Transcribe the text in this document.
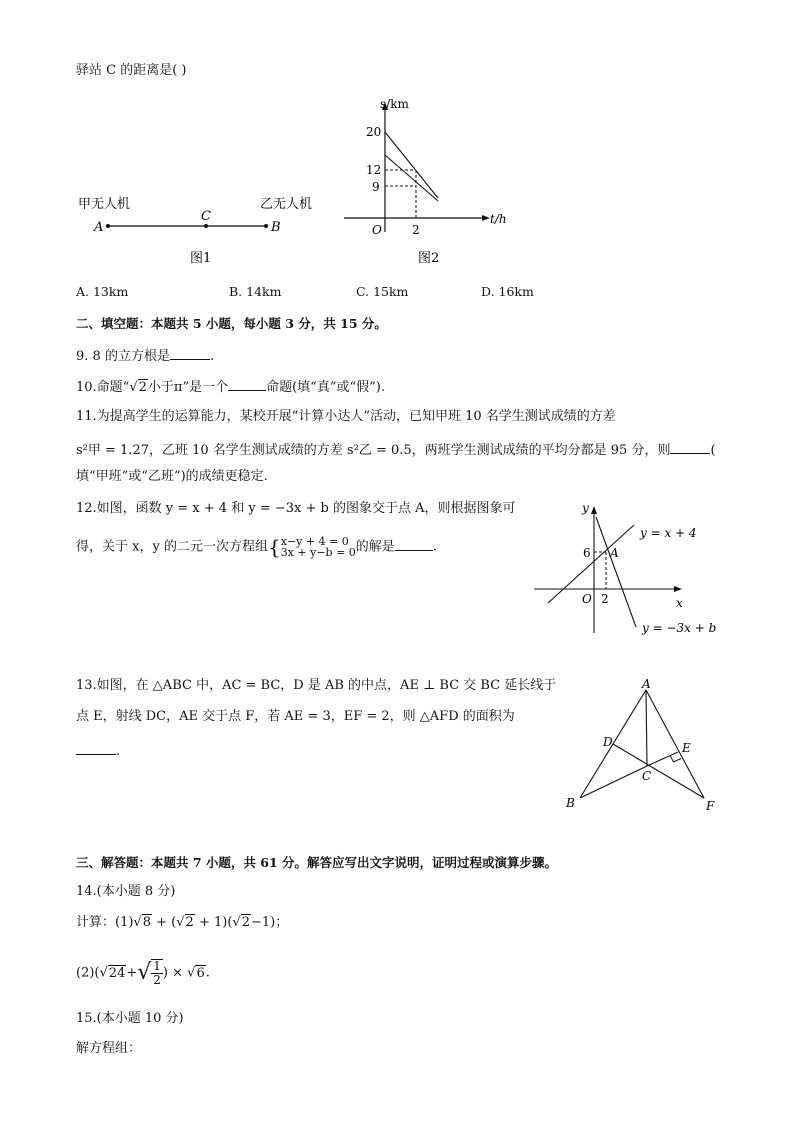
驿站 C 的距离是( )
甲无人机	乙无人机
A
C
B
图1
s/km
t/h
O
20
12
9
2
图2
A. 13km	B. 14km	C. 15km	D. 16km
二、填空题：本题共 5 小题，每小题 3 分，共 15 分。
9. 8 的立方根是	.
10.命题“√2小于π”是一个	命题(填“真”或“假”).
11.为提高学生的运算能力，某校开展“计算小达人”活动，已知甲班 10 名学生测试成绩的方差
s²甲 = 1.27，乙班 10 名学生测试成绩的方差 s²乙 = 0.5，两班学生测试成绩的平均分都是 95 分，则	(
填“甲班”或“乙班”)的成绩更稳定.
12.如图，函数 y = x + 4 和 y = −3x + b 的图象交于点 A，则根据图象可
得，关于 x，y 的二元一次方程组{ x−y + 4 = 0
3x + y−b = 0 的解是	.
y
x
O 2
6 A
y = x + 4
y = −3x + b
13.如图，在 △ABC 中，AC = BC，D 是 AB 的中点，AE ⊥ BC 交 BC 延长线于
点 E，射线 DC，AE 交于点 F，若 AE = 3，EF = 2，则 △AFD 的面积为
.
A
B
C
D	E
F
三、解答题：本题共 7 小题，共 61 分。解答应写出文字说明，证明过程或演算步骤。
14.(本小题 8 分)
计算：(1)√8 + (√2 + 1)(√2−1)；
$(2)(√24+√ \frac{1}{2}$ ) × √6.
15.(本小题 10 分)
解方程组：
